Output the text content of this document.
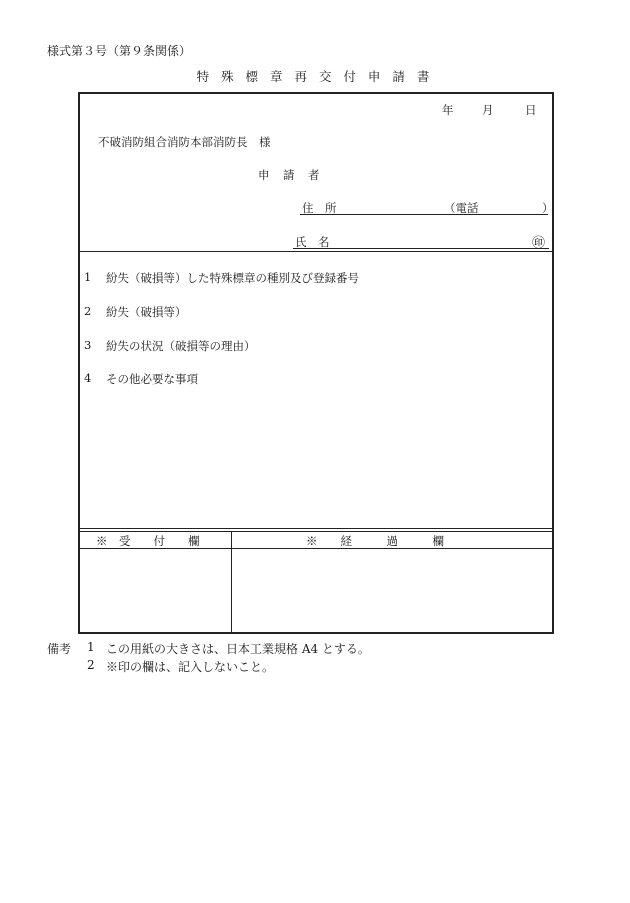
様式第３号（第９条関係）
特 殊 標 章 再 交 付 申 請 書
年 月	日
不破消防組合消防本部消防長　様
申　請　者
住　所	（電話	）
氏　名	㊞
1 紛失（破損等）した特殊標章の種別及び登録番号
2 紛失（破損等）
3 紛失の状況（破損等の理由）
4 その他必要な事項
※　受　　付　　欄	※　　経　　　過　　　欄
備考 1 この用紙の大きさは、日本工業規格 A4 とする。
2 ※印の欄は、記入しないこと。
